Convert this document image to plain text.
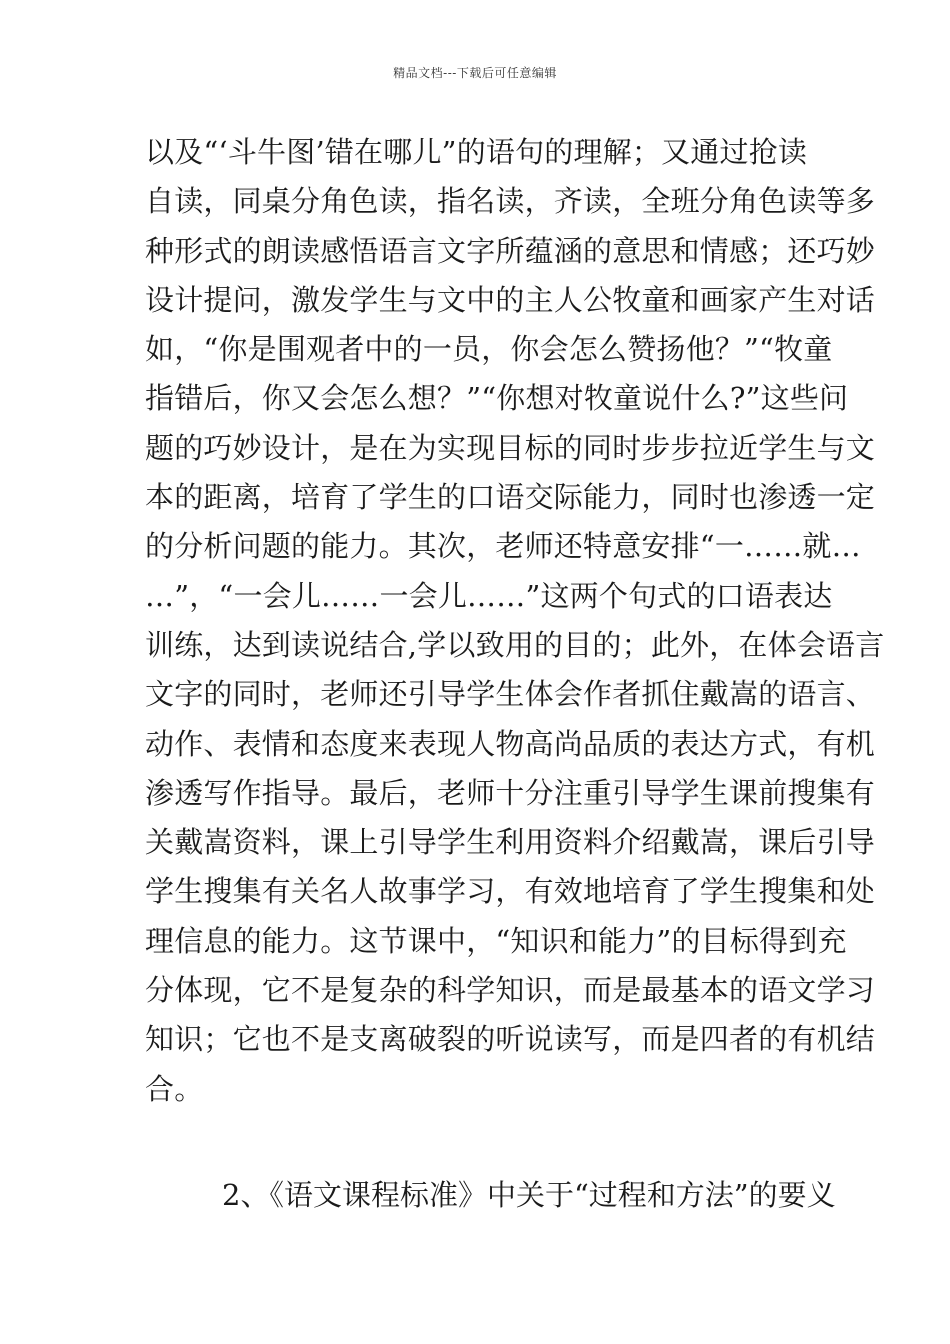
精品文档---下载后可任意编辑
以及“‘斗牛图’错在哪儿”的语句的理解；又通过抢读
自读，同桌分角色读，指名读，齐读，全班分角色读等多
种形式的朗读感悟语言文字所蕴涵的意思和情感；还巧妙
设计提问，激发学生与文中的主人公牧童和画家产生对话
如，“你是围观者中的一员，你会怎么赞扬他？”“牧童
指错后，你又会怎么想？”“你想对牧童说什么?”这些问
题的巧妙设计，是在为实现目标的同时步步拉近学生与文
本的距离，培育了学生的口语交际能力，同时也渗透一定
的分析问题的能力。其次，老师还特意安排“一……就…
…”，“一会儿……一会儿……”这两个句式的口语表达
训练，达到读说结合,学以致用的目的；此外，在体会语言
文字的同时，老师还引导学生体会作者抓住戴嵩的语言、
动作、表情和态度来表现人物高尚品质的表达方式，有机
渗透写作指导。最后，老师十分注重引导学生课前搜集有
关戴嵩资料，课上引导学生利用资料介绍戴嵩，课后引导
学生搜集有关名人故事学习，有效地培育了学生搜集和处
理信息的能力。这节课中，“知识和能力”的目标得到充
分体现，它不是复杂的科学知识，而是最基本的语文学习
知识；它也不是支离破裂的听说读写，而是四者的有机结
合。
2、《语文课程标准》中关于“过程和方法”的要义
